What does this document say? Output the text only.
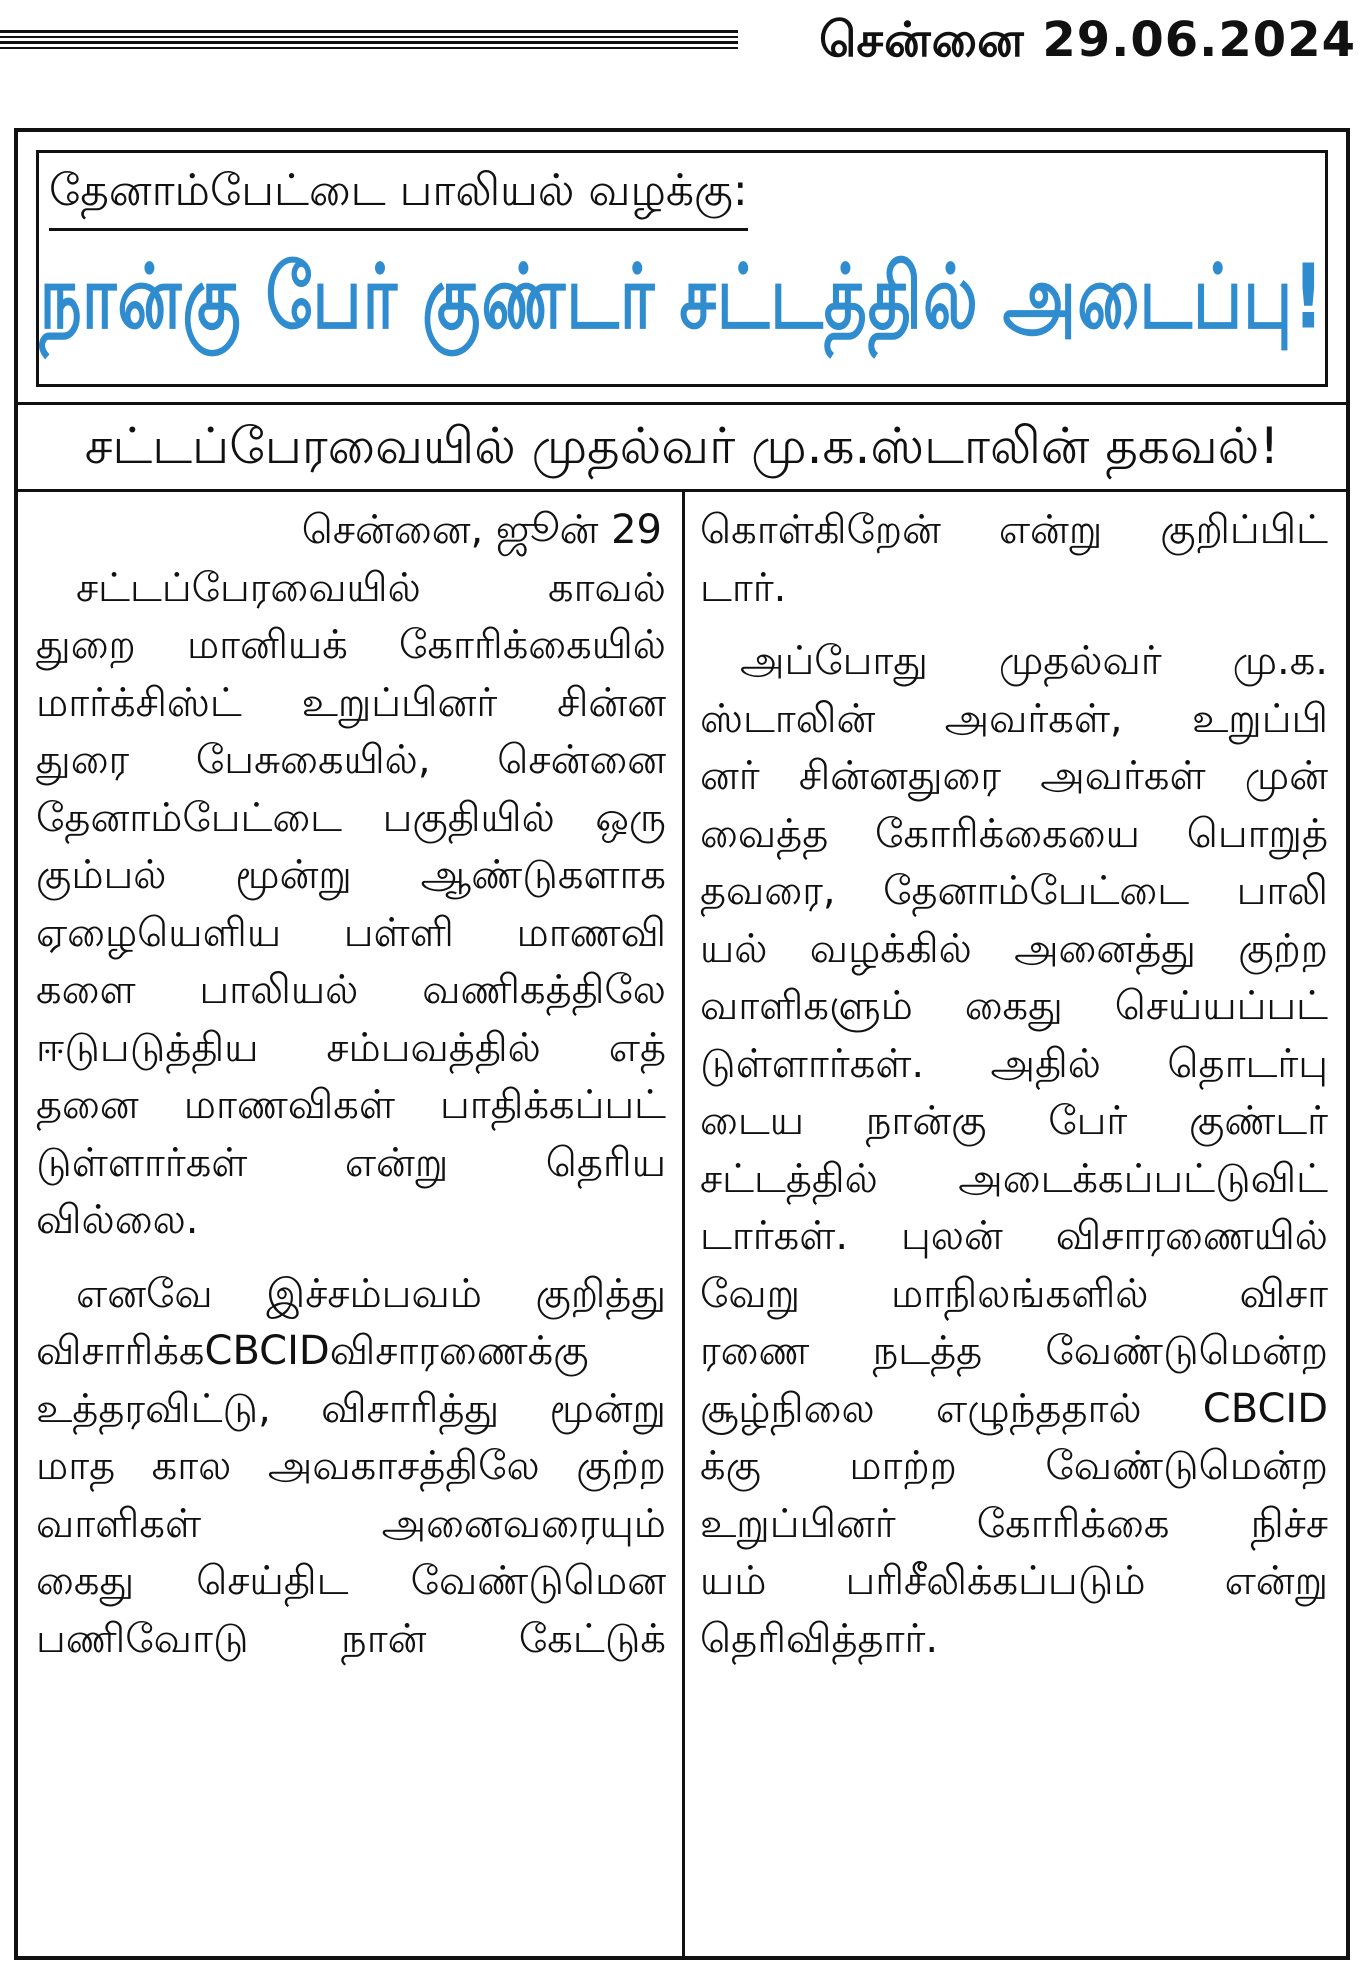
சென்னை 29.06.2024
தேனாம்பேட்டை பாலியல் வழக்கு:
நான்கு பேர் குண்டர் சட்டத்தில் அடைப்பு!
சட்டப்பேரவையில் முதல்வர் மு.க.ஸ்டாலின் தகவல்!
சென்னை, ஜூன் 29
சட்டப்பேரவையில் காவல்
துறை மானியக் கோரிக்கையில்
மார்க்சிஸ்ட் உறுப்பினர் சின்ன
துரை பேசுகையில், சென்னை
தேனாம்பேட்டை பகுதியில் ஒரு
கும்பல் மூன்று ஆண்டுகளாக
ஏழையெளிய பள்ளி மாணவி
களை பாலியல் வணிகத்திலே
ஈடுபடுத்திய சம்பவத்தில் எத்
தனை மாணவிகள் பாதிக்கப்பட்
டுள்ளார்கள் என்று தெரிய
வில்லை.
எனவே இச்சம்பவம் குறித்து
விசாரிக்கCBCIDவிசாரணைக்கு
உத்தரவிட்டு, விசாரித்து மூன்று
மாத கால அவகாசத்திலே குற்ற
வாளிகள் அனைவரையும்
கைது செய்திட வேண்டுமென
பணிவோடு நான் கேட்டுக்
கொள்கிறேன் என்று குறிப்பிட்
டார்.
அப்போது முதல்வர் மு.க.
ஸ்டாலின் அவர்கள், உறுப்பி
னர் சின்னதுரை அவர்கள் முன்
வைத்த கோரிக்கையை பொறுத்
தவரை, தேனாம்பேட்டை பாலி
யல் வழக்கில் அனைத்து குற்ற
வாளிகளும் கைது செய்யப்பட்
டுள்ளார்கள். அதில் தொடர்பு
டைய நான்கு பேர் குண்டர்
சட்டத்தில் அடைக்கப்பட்டுவிட்
டார்கள். புலன் விசாரணையில்
வேறு மாநிலங்களில் விசா
ரணை நடத்த வேண்டுமென்ற
சூழ்நிலை எழுந்ததால் CBCID
க்கு மாற்ற வேண்டுமென்ற
உறுப்பினர் கோரிக்கை நிச்ச
யம் பரிசீலிக்கப்படும் என்று
தெரிவித்தார்.
